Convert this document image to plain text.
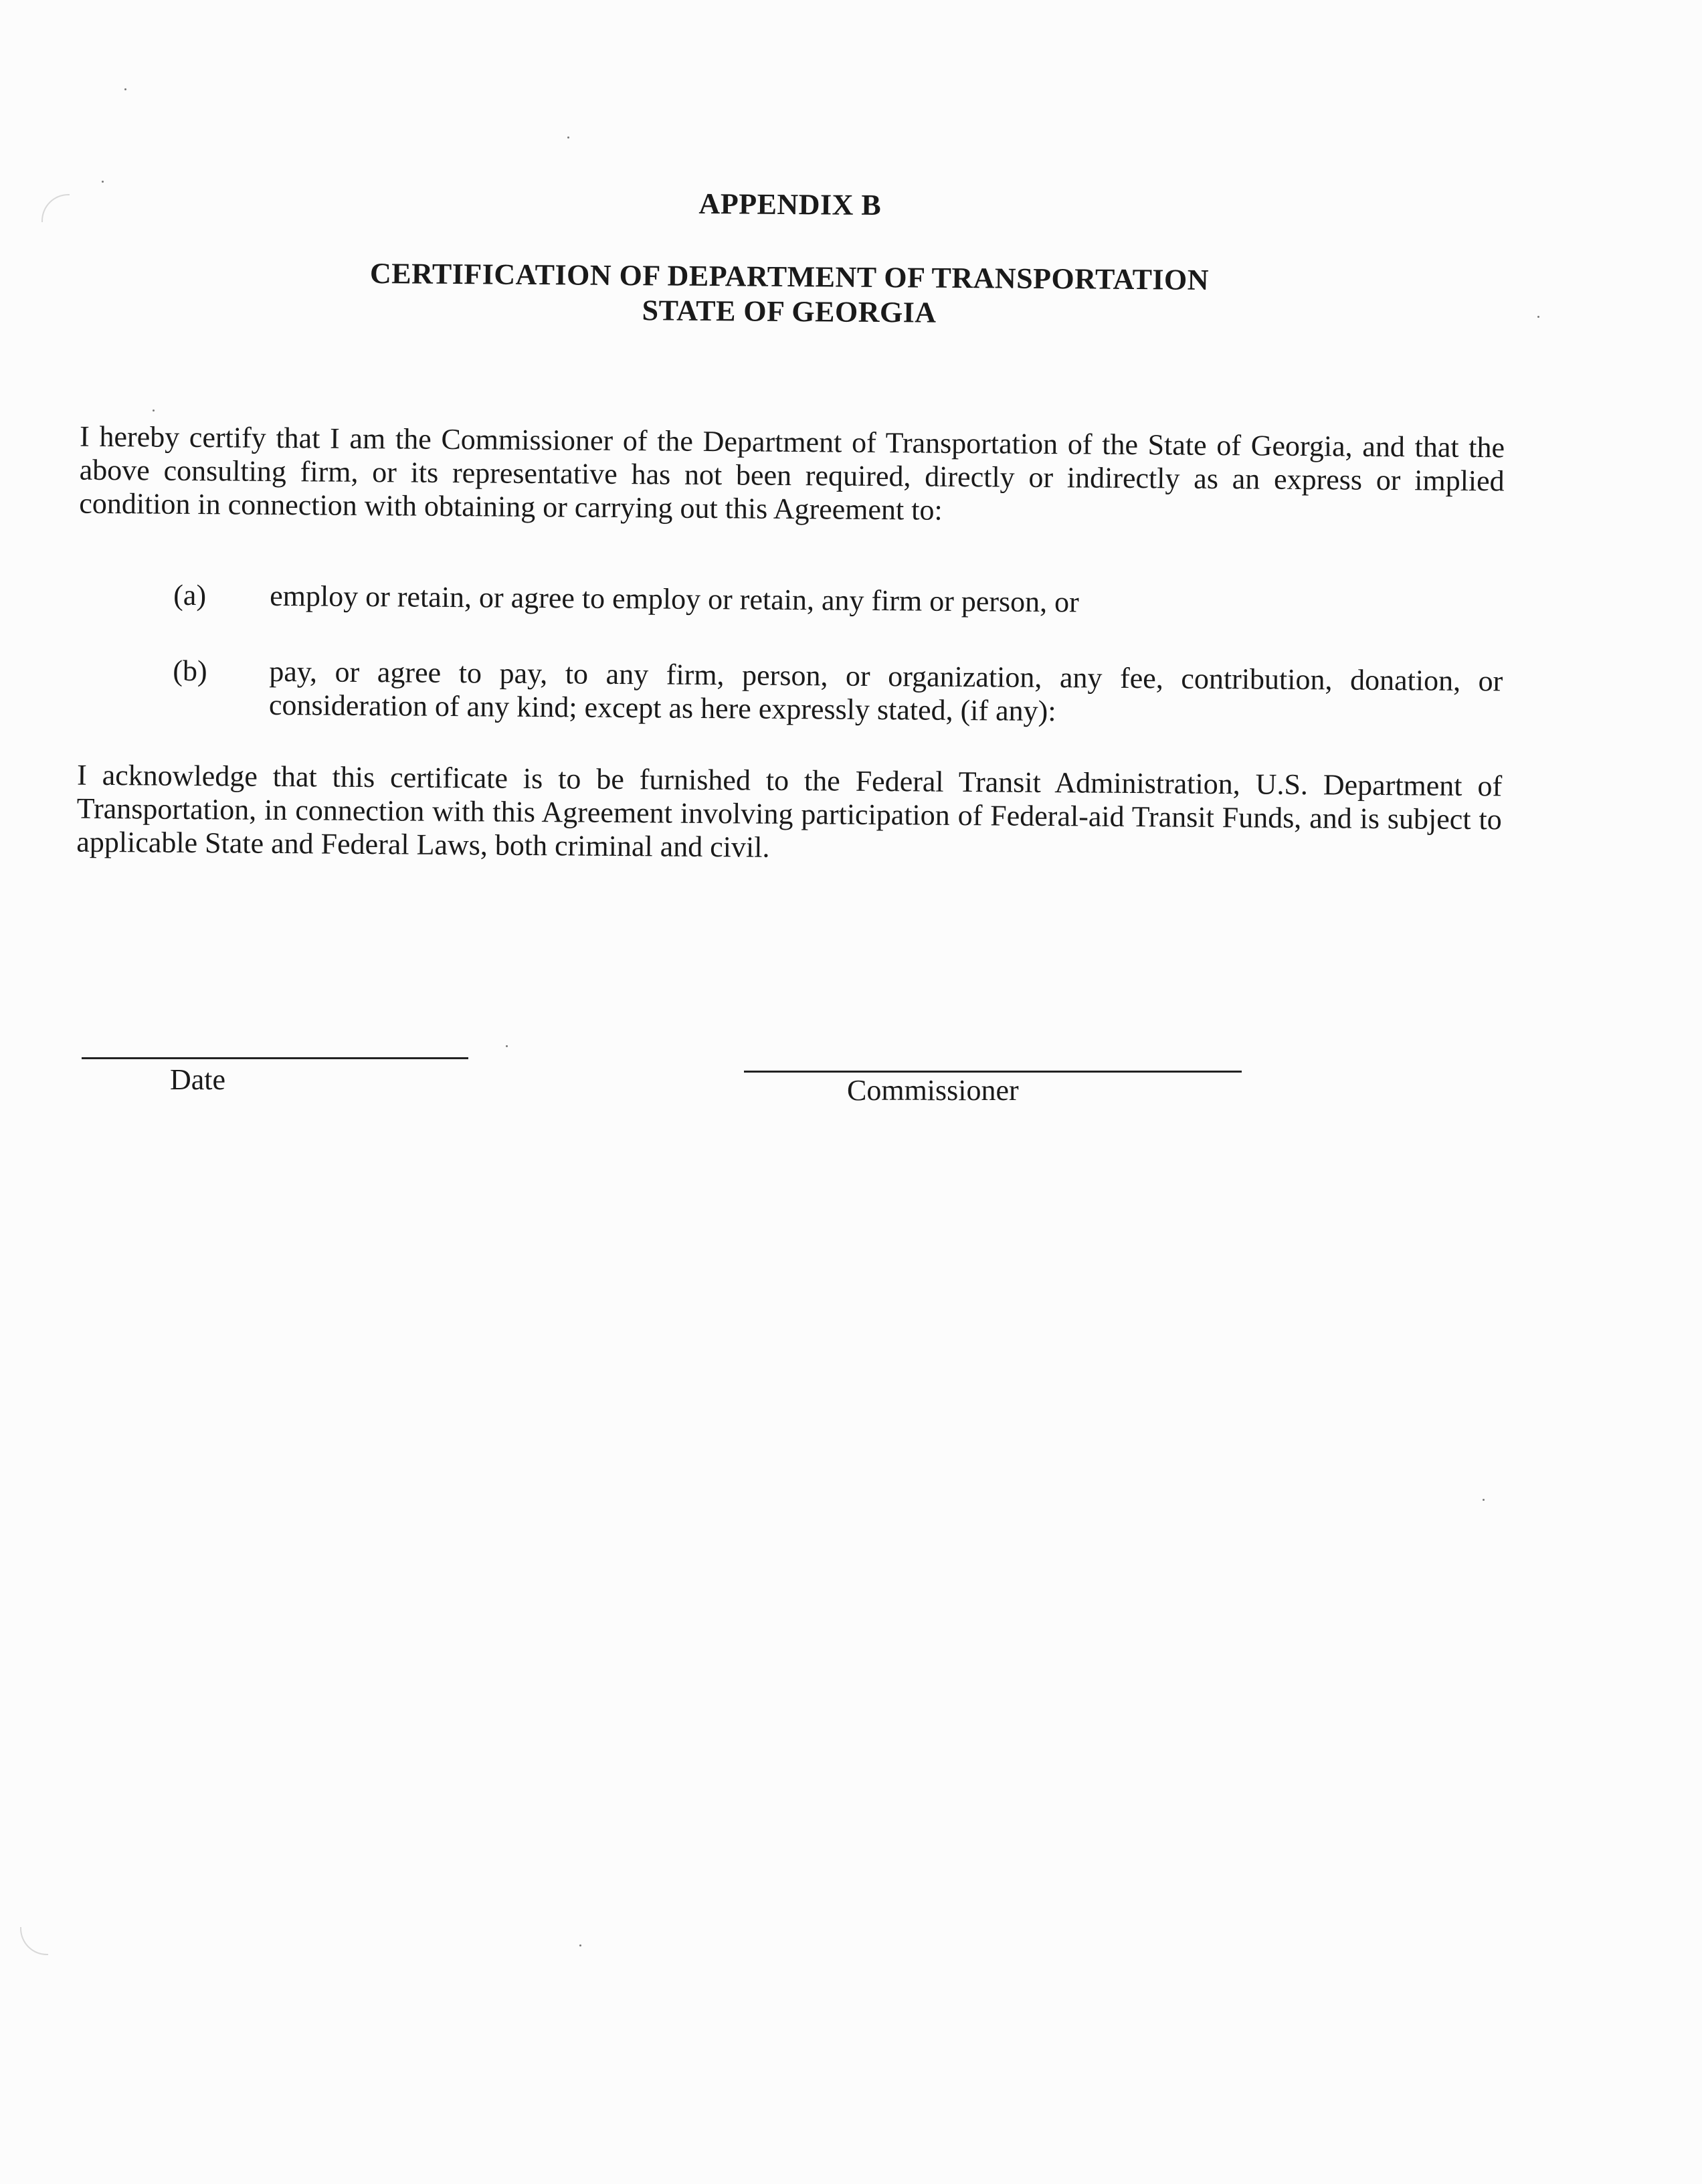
APPENDIX B
CERTIFICATION OF DEPARTMENT OF TRANSPORTATION
STATE OF GEORGIA

I hereby certify that I am the Commissioner of the Department of Transportation of the State of Georgia, and that the above consulting firm, or its representative has not been required, directly or indirectly as an express or implied condition in connection with obtaining or carrying out this Agreement to:

(a) employ or retain, or agree to employ or retain, any firm or person, or
(b) pay, or agree to pay, to any firm, person, or organization, any fee, contribution, donation, or consideration of any kind; except as here expressly stated, (if any):

I acknowledge that this certificate is to be furnished to the Federal Transit Administration, U.S. Department of Transportation, in connection with this Agreement involving participation of Federal-aid Transit Funds, and is subject to applicable State and Federal Laws, both criminal and civil.

Date	Commissioner
